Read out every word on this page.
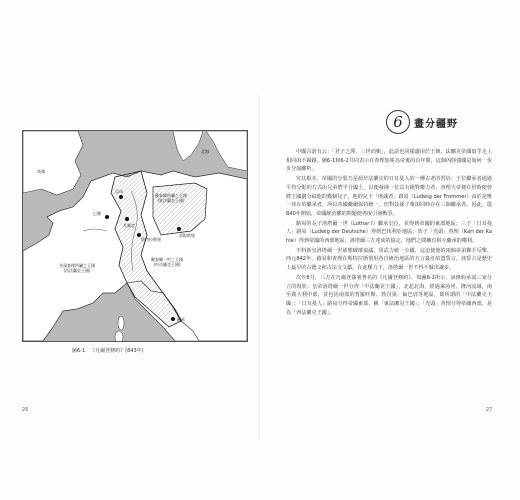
北海
英國
羅泰爾所屬之王國
(東法蘭克王國)
亞琛
巴黎
凡爾登
斯特拉斯堡
雷根斯堡
禿頭查理所屬之王國
(西法蘭克王國)
羅泰爾一世之王國
(中法蘭克王國)
羅馬
圖6-1 《凡爾登條約》(843年)
26
6	畫分疆野

中國古語有云：「君子之澤，三世而斬」，此話也同樣適用於王朝。法蘭克帝國似乎走上相同的不歸路。圖6-1和6-2共同表示在查理加冕為帝後的百年間，這個內陸強國是如何一步步分崩離析。

究其根本，帝國的分裂乃是源於法蘭克的日耳曼人的一種古老的習俗：王位繼承者通過平均分配的方式由兄弟們平分國土，以便發揮一位具有絕對權力者，查理大帝便在世時便曾將王國劃分給他的幾個兒子，他的兒子「虔誠者」路易（Ludwig der Frommer）由於是唯一倖存的繼承者，所以帝國繼續保持統一，但對其孫子輩卻同時存在三個繼承者。因此，從840年開始，帝國統治權的問題便再度引發戰爭。

路易的長子洛塔爾一世（Lothar I）繼承皇位，並得到帝國的東部地區；三子「日耳曼人」路易（Ludwig der Deutsche）得到巴伐利亞地區；幼子「禿頭」查理（Karl der Kahle）得到帝國的西部地區。洛塔爾三方達成的協定，他們之間擁有相互繼承的權利。

不料新皇洛塔爾一世卻想破壞協議，用武力統一全國，這迫使他的兩個弟弟聯手反擊。西元842年，路易和查理在斯特拉斯堡用各自統治地區的方言簽訂結盟誓言，該誓言是歷史上最早的古德文和古法文文獻。在此壓力下，洛塔爾一世不得不做出讓步。

次年8月，三方在凡爾登簽署著名的《凡爾登條約》。如圖6-1所示，該條約承認三家分立的現狀：皇帝洛塔爾一世分得「中法蘭克王國」，北起北海，經過萊茵河、隆河流域，南至義大利中部，並包括南部的普羅旺斯、勃艮第、倫巴底等地區，即所謂的「中法蘭克王國」；「日耳曼人」路易分得帝國東部，稱「東法蘭克王國」；「禿頭」查理分得帝國西部，是為「西法蘭克王國」。

27
